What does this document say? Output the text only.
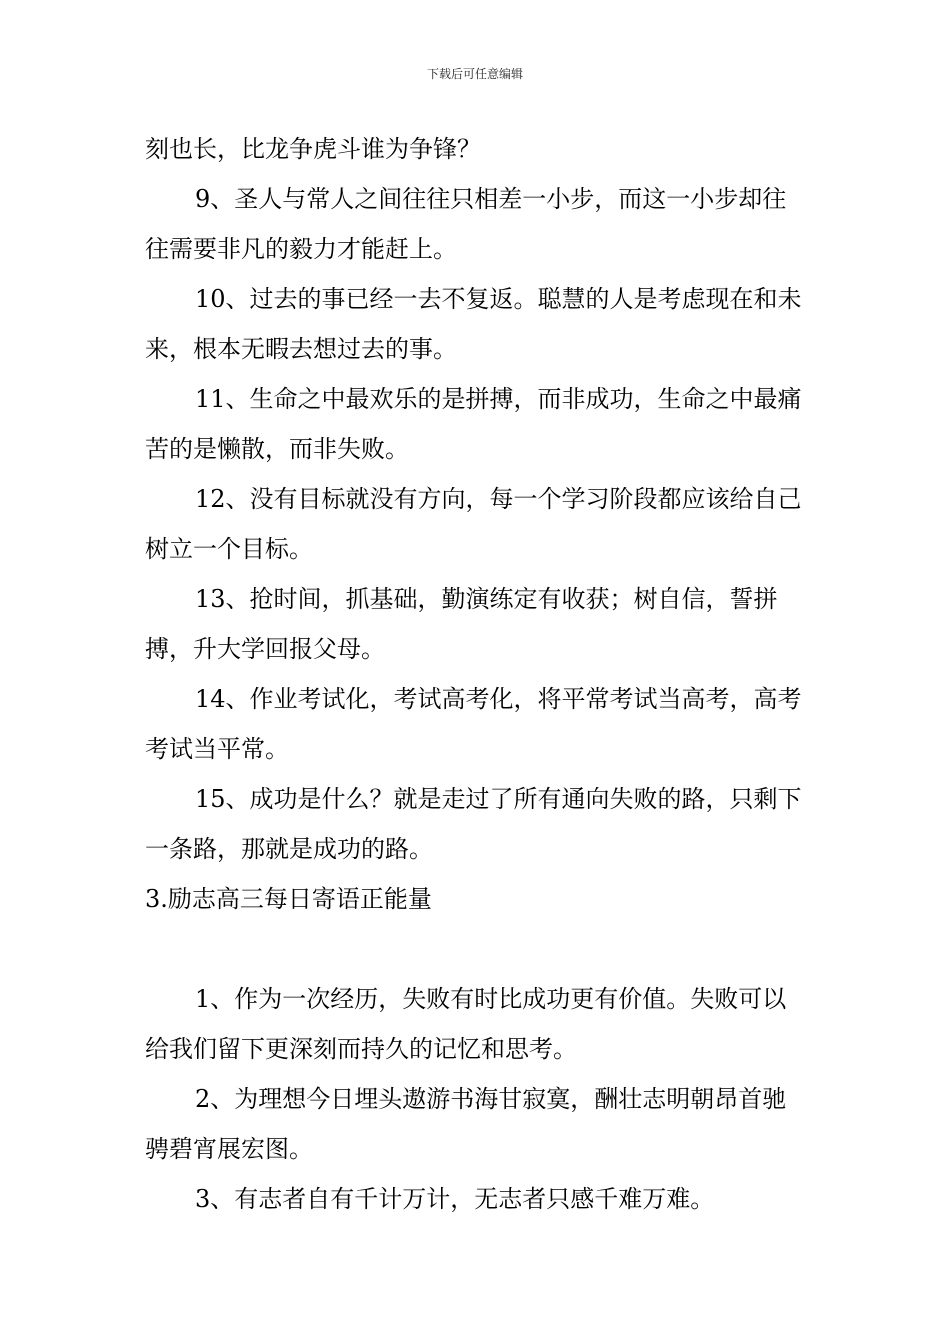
下载后可任意编辑

刻也长，比龙争虎斗谁为争锋？

9、圣人与常人之间往往只相差一小步，而这一小步却往往需要非凡的毅力才能赶上。

10、过去的事已经一去不复返。聪慧的人是考虑现在和未来，根本无暇去想过去的事。

11、生命之中最欢乐的是拼搏，而非成功，生命之中最痛苦的是懒散，而非失败。

12、没有目标就没有方向，每一个学习阶段都应该给自己树立一个目标。

13、抢时间，抓基础，勤演练定有收获；树自信，誓拼搏，升大学回报父母。

14、作业考试化，考试高考化，将平常考试当高考，高考考试当平常。

15、成功是什么？就是走过了所有通向失败的路，只剩下一条路，那就是成功的路。

3.励志高三每日寄语正能量

1、作为一次经历，失败有时比成功更有价值。失败可以给我们留下更深刻而持久的记忆和思考。

2、为理想今日埋头遨游书海甘寂寞，酬壮志明朝昂首驰骋碧宵展宏图。

3、有志者自有千计万计，无志者只感千难万难。
